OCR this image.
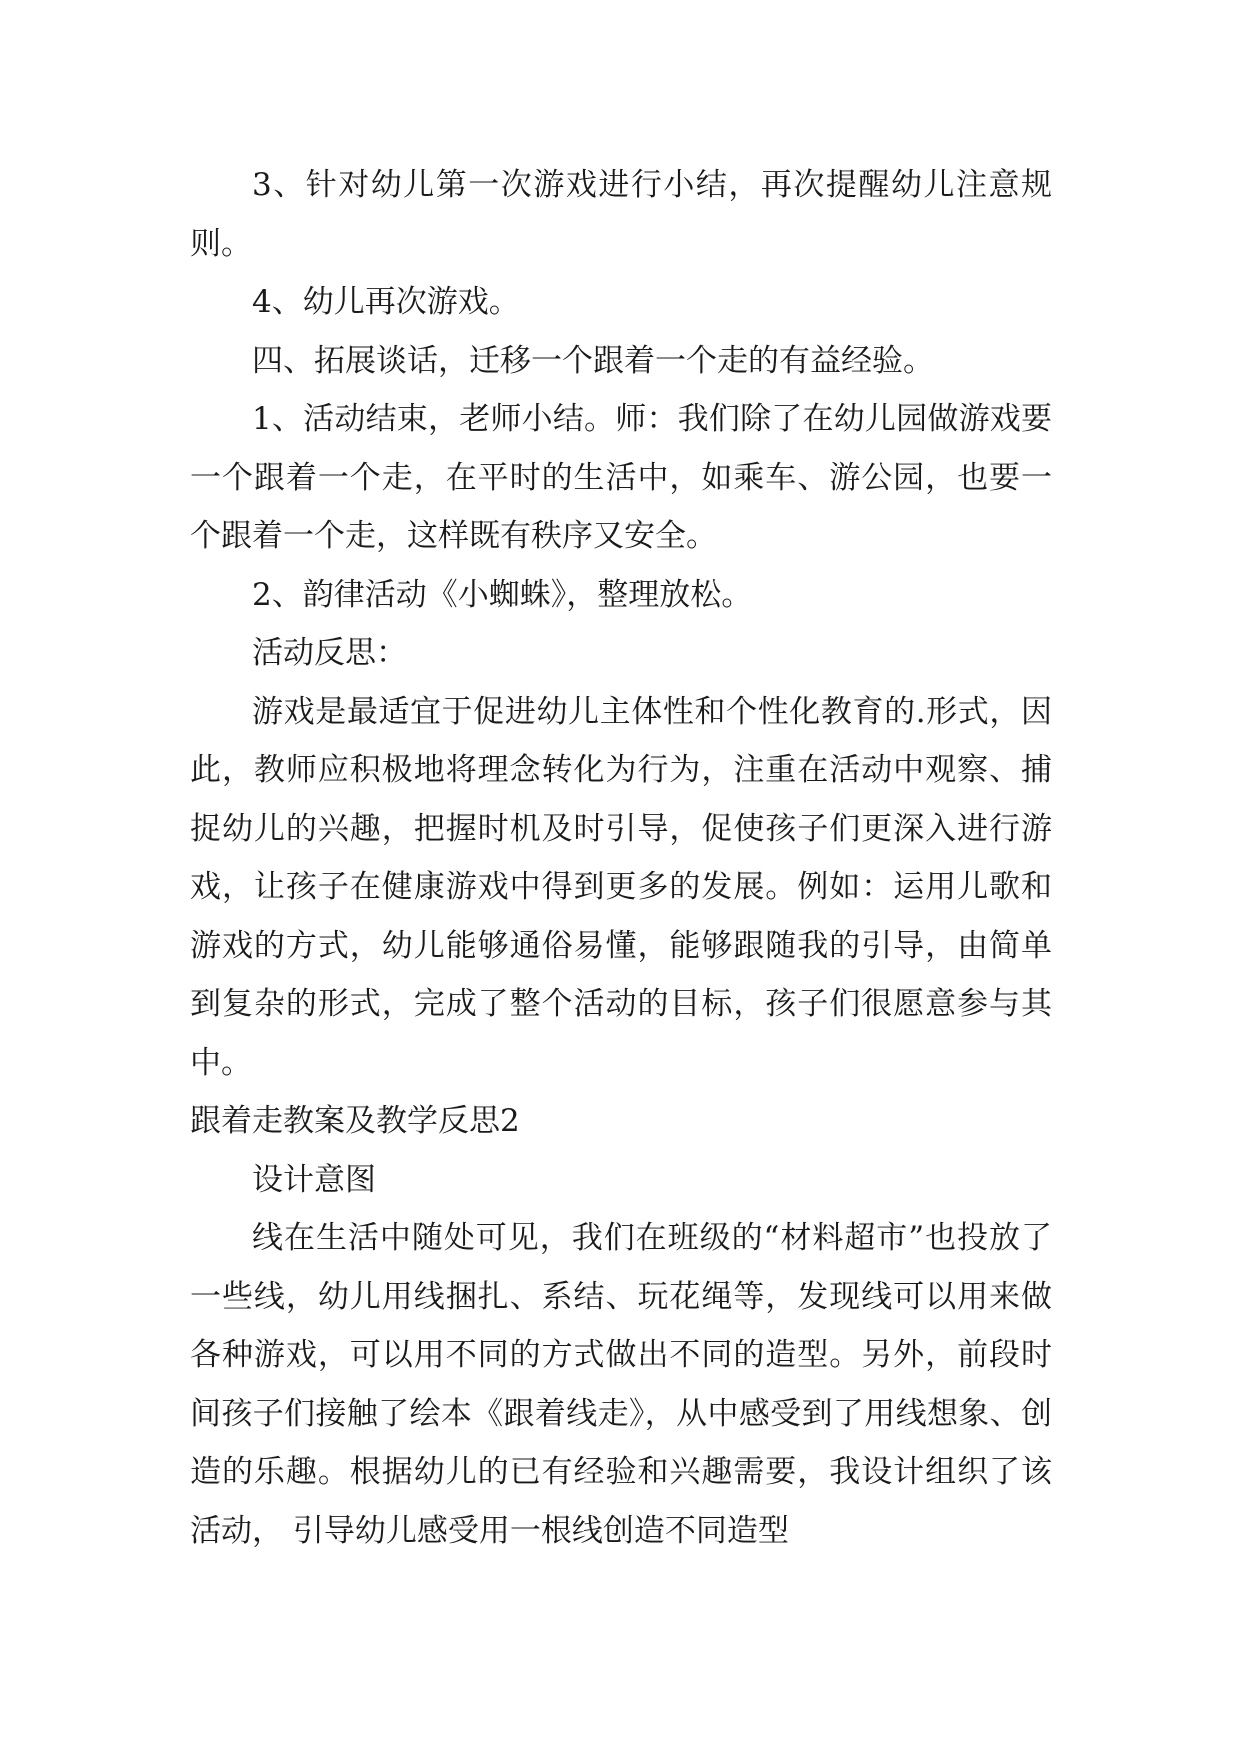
3、针对幼儿第一次游戏进行小结，再次提醒幼儿注意规则。

4、幼儿再次游戏。

四、拓展谈话，迁移一个跟着一个走的有益经验。

1、活动结束，老师小结。师：我们除了在幼儿园做游戏要一个跟着一个走，在平时的生活中，如乘车、游公园，也要一个跟着一个走，这样既有秩序又安全。

2、韵律活动《小蜘蛛》，整理放松。

活动反思：

游戏是最适宜于促进幼儿主体性和个性化教育的.形式，因此，教师应积极地将理念转化为行为，注重在活动中观察、捕捉幼儿的兴趣，把握时机及时引导，促使孩子们更深入进行游戏，让孩子在健康游戏中得到更多的发展。例如：运用儿歌和游戏的方式，幼儿能够通俗易懂，能够跟随我的引导，由简单到复杂的形式，完成了整个活动的目标，孩子们很愿意参与其中。

跟着走教案及教学反思2

设计意图

线在生活中随处可见，我们在班级的“材料超市”也投放了一些线，幼儿用线捆扎、系结、玩花绳等，发现线可以用来做各种游戏，可以用不同的方式做出不同的造型。另外，前段时间孩子们接触了绘本《跟着线走》，从中感受到了用线想象、创造的乐趣。根据幼儿的已有经验和兴趣需要，我设计组织了该活动， 引导幼儿感受用一根线创造不同造型
